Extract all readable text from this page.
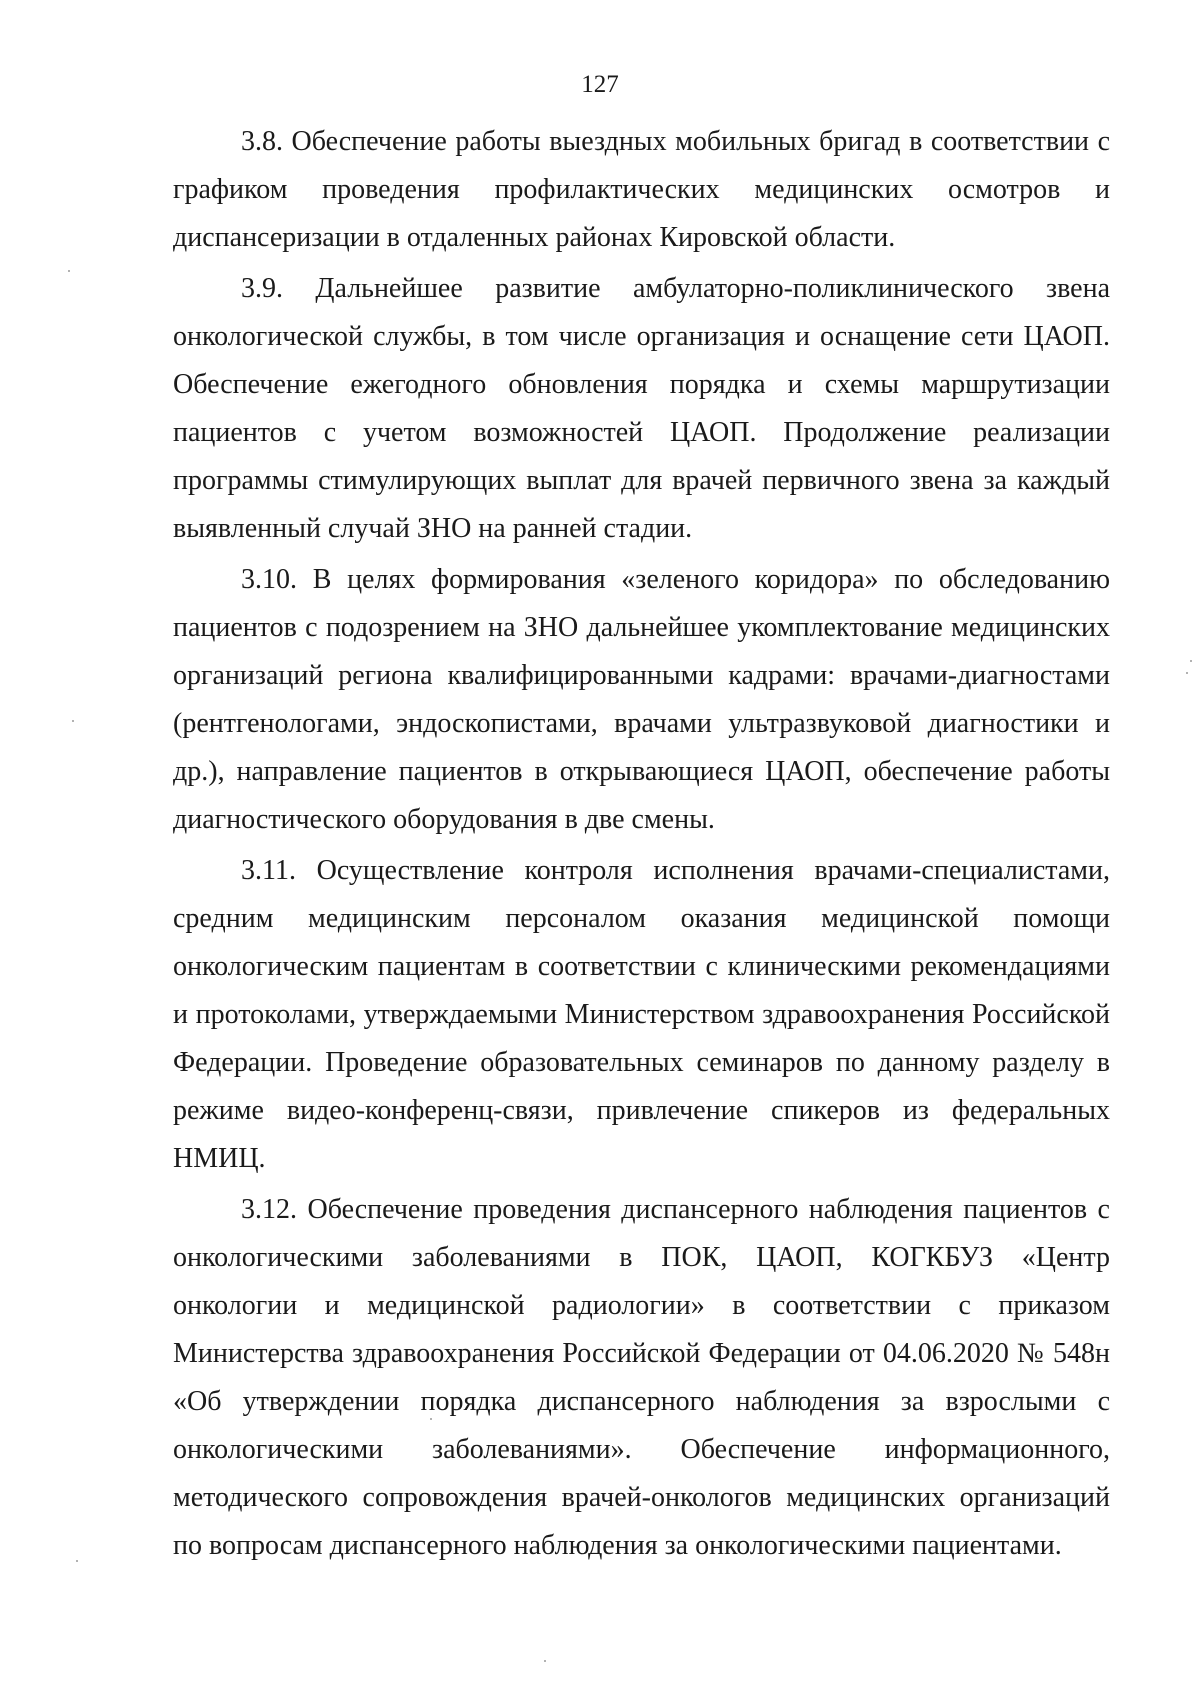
127

3.8. Обеспечение работы выездных мобильных бригад в соответствии с графиком проведения профилактических медицинских осмотров и диспансеризации в отдаленных районах Кировской области.

3.9. Дальнейшее развитие амбулаторно-поликлинического звена онкологической службы, в том числе организация и оснащение сети ЦАОП. Обеспечение ежегодного обновления порядка и схемы маршрутизации пациентов с учетом возможностей ЦАОП. Продолжение реализации программы стимулирующих выплат для врачей первичного звена за каждый выявленный случай ЗНО на ранней стадии.

3.10. В целях формирования «зеленого коридора» по обследованию пациентов с подозрением на ЗНО дальнейшее укомплектование медицинских организаций региона квалифицированными кадрами: врачами-диагностами (рентгенологами, эндоскопистами, врачами ультразвуковой диагностики и др.), направление пациентов в открывающиеся ЦАОП, обеспечение работы диагностического оборудования в две смены.

3.11. Осуществление контроля исполнения врачами-специалистами, средним медицинским персоналом оказания медицинской помощи онкологическим пациентам в соответствии с клиническими рекомендациями и протоколами, утверждаемыми Министерством здравоохранения Российской Федерации. Проведение образовательных семинаров по данному разделу в режиме видео-конференц-связи, привлечение спикеров из федеральных НМИЦ.

3.12. Обеспечение проведения диспансерного наблюдения пациентов с онкологическими заболеваниями в ПОК, ЦАОП, КОГКБУЗ «Центр онкологии и медицинской радиологии» в соответствии с приказом Министерства здравоохранения Российской Федерации от 04.06.2020 № 548н «Об утверждении порядка диспансерного наблюдения за взрослыми с онкологическими заболеваниями». Обеспечение информационного, методического сопровождения врачей-онкологов медицинских организаций по вопросам диспансерного наблюдения за онкологическими пациентами.
